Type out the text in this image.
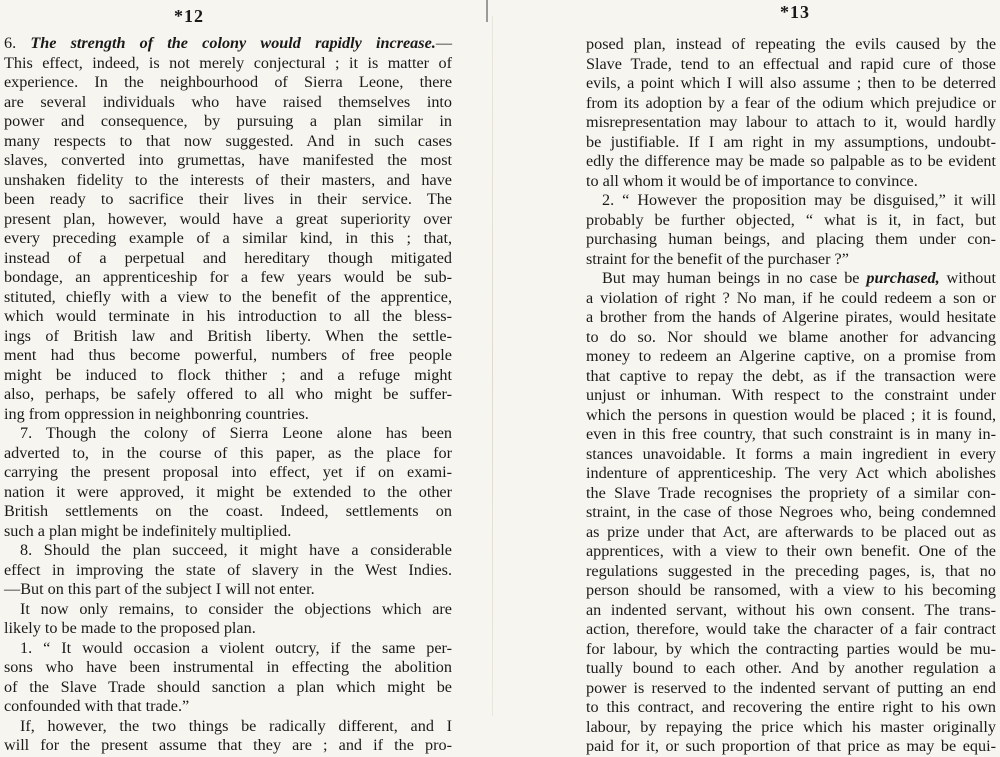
*12
6. The strength of the colony would rapidly increase.—
This effect, indeed, is not merely conjectural ; it is matter of
experience. In the neighbourhood of Sierra Leone, there
are several individuals who have raised themselves into
power and consequence, by pursuing a plan similar in
many respects to that now suggested. And in such cases
slaves, converted into grumettas, have manifested the most
unshaken fidelity to the interests of their masters, and have
been ready to sacrifice their lives in their service. The
present plan, however, would have a great superiority over
every preceding example of a similar kind, in this ; that,
instead of a perpetual and hereditary though mitigated
bondage, an apprenticeship for a few years would be sub-
stituted, chiefly with a view to the benefit of the apprentice,
which would terminate in his introduction to all the bless-
ings of British law and British liberty. When the settle-
ment had thus become powerful, numbers of free people
might be induced to flock thither ; and a refuge might
also, perhaps, be safely offered to all who might be suffer-
ing from oppression in neighbonring countries.
7. Though the colony of Sierra Leone alone has been
adverted to, in the course of this paper, as the place for
carrying the present proposal into effect, yet if on exami-
nation it were approved, it might be extended to the other
British settlements on the coast. Indeed, settlements on
such a plan might be indefinitely multiplied.
8. Should the plan succeed, it might have a considerable
effect in improving the state of slavery in the West Indies.
—But on this part of the subject I will not enter.
It now only remains, to consider the objections which are
likely to be made to the proposed plan.
1. “ It would occasion a violent outcry, if the same per-
sons who have been instrumental in effecting the abolition
of the Slave Trade should sanction a plan which might be
confounded with that trade.”
If, however, the two things be radically different, and I
will for the present assume that they are ; and if the pro-
*13
posed plan, instead of repeating the evils caused by the
Slave Trade, tend to an effectual and rapid cure of those
evils, a point which I will also assume ; then to be deterred
from its adoption by a fear of the odium which prejudice or
misrepresentation may labour to attach to it, would hardly
be justifiable. If I am right in my assumptions, undoubt-
edly the difference may be made so palpable as to be evident
to all whom it would be of importance to convince.
2. “ However the proposition may be disguised,” it will
probably be further objected, “ what is it, in fact, but
purchasing human beings, and placing them under con-
straint for the benefit of the purchaser ?”
But may human beings in no case be purchased, without
a violation of right ? No man, if he could redeem a son or
a brother from the hands of Algerine pirates, would hesitate
to do so. Nor should we blame another for advancing
money to redeem an Algerine captive, on a promise from
that captive to repay the debt, as if the transaction were
unjust or inhuman. With respect to the constraint under
which the persons in question would be placed ; it is found,
even in this free country, that such constraint is in many in-
stances unavoidable. It forms a main ingredient in every
indenture of apprenticeship. The very Act which abolishes
the Slave Trade recognises the propriety of a similar con-
straint, in the case of those Negroes who, being condemned
as prize under that Act, are afterwards to be placed out as
apprentices, with a view to their own benefit. One of the
regulations suggested in the preceding pages, is, that no
person should be ransomed, with a view to his becoming
an indented servant, without his own consent. The trans-
action, therefore, would take the character of a fair contract
for labour, by which the contracting parties would be mu-
tually bound to each other. And by another regulation a
power is reserved to the indented servant of putting an end
to this contract, and recovering the entire right to his own
labour, by repaying the price which his master originally
paid for it, or such proportion of that price as may be equi-
